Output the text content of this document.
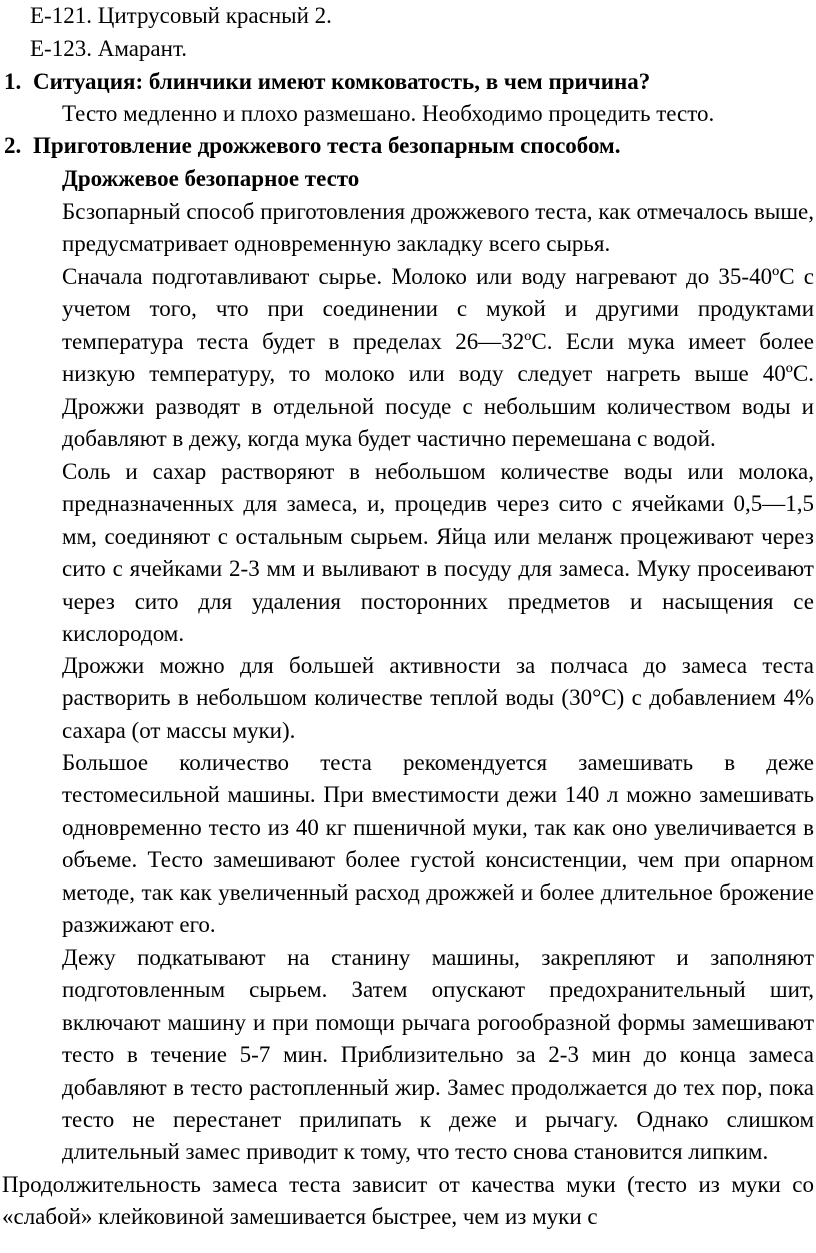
Е-121. Цитрусовый красный 2.
Е-123. Амарант.
1. Ситуация: блинчики имеют комковатость, в чем причина?
Тесто медленно и плохо размешано. Необходимо процедить тесто.
2. Приготовление дрожжевого теста безопарным способом.
Дрожжевое безопарное тесто
Бсзопарный способ приготовления дрожжевого теста, как отмечалось выше, предусматривает одновременную закладку всего сырья.
Сначала подготавливают сырье. Молоко или воду нагревают до 35-40ºС с учетом того, что при соединении с мукой и другими продуктами температура теста будет в пределах 26—32ºС. Если мука имеет более низкую температуру, то молоко или воду следует нагреть выше 40ºС. Дрожжи разводят в отдельной посуде с небольшим количеством воды и добавляют в дежу, когда мука будет частично перемешана с водой.
Соль и сахар растворяют в небольшом количестве воды или молока, предназначенных для замеса, и, процедив через сито с ячейками 0,5—1,5 мм, соединяют с остальным сырьем. Яйца или меланж процеживают через сито с ячейками 2-3 мм и выливают в посуду для замеса. Муку просеивают через сито для удаления посторонних предметов и насыщения се кислородом.
Дрожжи можно для большей активности за полчаса до замеса теста растворить в небольшом количестве теплой воды (30°С) с добавлением 4% сахара (от массы муки).
Большое количество теста рекомендуется замешивать в деже тестомесильной машины. При вместимости дежи 140 л можно замешивать одновременно тесто из 40 кг пшеничной муки, так как оно увеличивается в объеме. Тесто замешивают более густой консистенции, чем при опарном методе, так как увеличенный расход дрожжей и более длительное брожение разжижают его.
Дежу подкатывают на станину машины, закрепляют и заполняют подготовленным сырьем. Затем опускают предохранительный шит, включают машину и при помощи рычага рогообразной формы замешивают тесто в течение 5-7 мин. Приблизительно за 2-3 мин до конца замеса добавляют в тесто растопленный жир. Замес продолжается до тех пор, пока тесто не перестанет прилипать к деже и рычагу. Однако слишком длительный замес приводит к тому, что тесто снова становится липким.
Продолжительность замеса теста зависит от качества муки (тесто из муки со «слабой» клейковиной замешивается быстрее, чем из муки с
